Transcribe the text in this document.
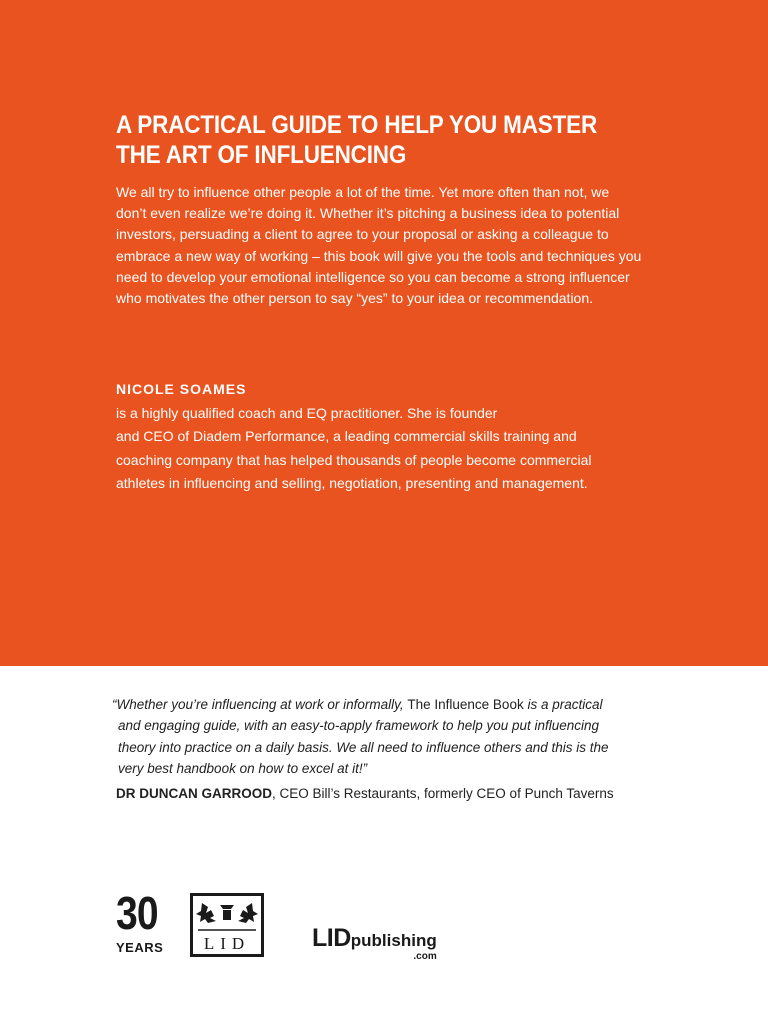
A PRACTICAL GUIDE TO HELP YOU MASTER
THE ART OF INFLUENCING

We all try to influence other people a lot of the time. Yet more often than not, we
don’t even realize we’re doing it. Whether it’s pitching a business idea to potential
investors, persuading a client to agree to your proposal or asking a colleague to
embrace a new way of working – this book will give you the tools and techniques you
need to develop your emotional intelligence so you can become a strong influencer
who motivates the other person to say “yes” to your idea or recommendation.

NICOLE SOAMES
is a highly qualified coach and EQ practitioner. She is founder
and CEO of Diadem Performance, a leading commercial skills training and
coaching company that has helped thousands of people become commercial
athletes in influencing and selling, negotiation, presenting and management.

“Whether you’re influencing at work or informally, The Influence Book is a practical
and engaging guide, with an easy-to-apply framework to help you put influencing
theory into practice on a daily basis. We all need to influence others and this is the
very best handbook on how to excel at it!”
DR DUNCAN GARROOD, CEO Bill’s Restaurants, formerly CEO of Punch Taverns
30
YEARS LID LIDpublishing
.com
